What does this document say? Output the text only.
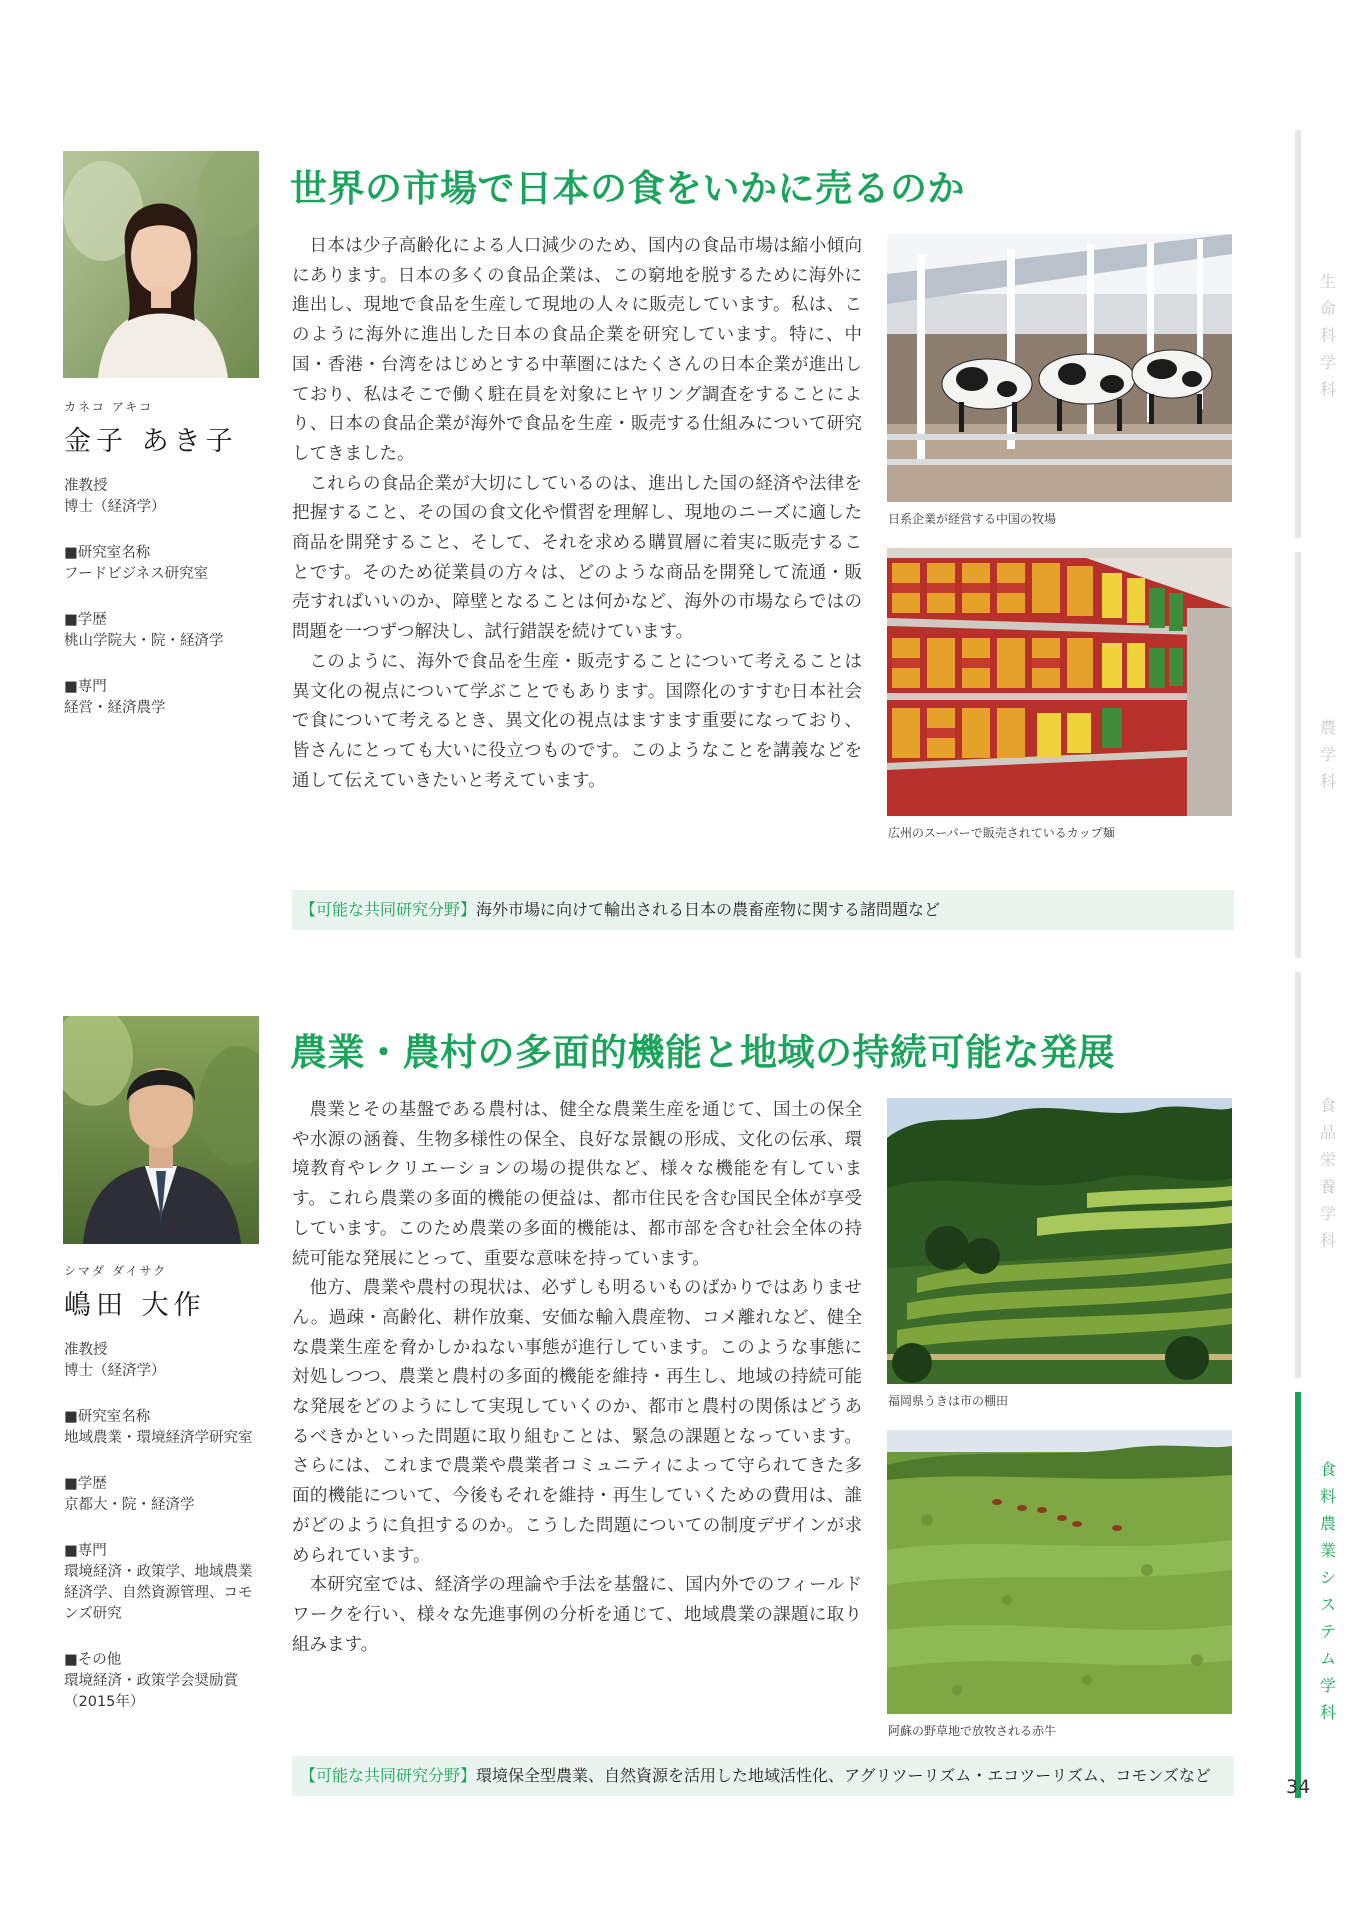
生命科学科
農学科
食品栄養学科
食料農業システム学科
カネコ アキコ
金子 あき子
准教授
博士（経済学）
■研究室名称
フードビジネス研究室
■学歴
桃山学院大・院・経済学
■専門
経営・経済農学
世界の市場で日本の食をいかに売るのか

日本は少子高齢化による人口減少のため、国内の食品市場は縮小傾向にあります。日本の多くの食品企業は、この窮地を脱するために海外に進出し、現地で食品を生産して現地の人々に販売しています。私は、このように海外に進出した日本の食品企業を研究しています。特に、中国・香港・台湾をはじめとする中華圏にはたくさんの日本企業が進出しており、私はそこで働く駐在員を対象にヒヤリング調査をすることにより、日本の食品企業が海外で食品を生産・販売する仕組みについて研究してきました。

これらの食品企業が大切にしているのは、進出した国の経済や法律を把握すること、その国の食文化や慣習を理解し、現地のニーズに適した商品を開発すること、そして、それを求める購買層に着実に販売することです。そのため従業員の方々は、どのような商品を開発して流通・販売すればいいのか、障壁となることは何かなど、海外の市場ならではの問題を一つずつ解決し、試行錯誤を続けています。

このように、海外で食品を生産・販売することについて考えることは異文化の視点について学ぶことでもあります。国際化のすすむ日本社会で食について考えるとき、異文化の視点はますます重要になっており、皆さんにとっても大いに役立つものです。このようなことを講義などを通して伝えていきたいと考えています。

日系企業が経営する中国の牧場
広州のスーパーで販売されているカップ麺
【可能な共同研究分野】海外市場に向けて輸出される日本の農畜産物に関する諸問題など
シマダ ダイサク
嶋田 大作
准教授
博士（経済学）
■研究室名称
地域農業・環境経済学研究室
■学歴
京都大・院・経済学
■専門
環境経済・政策学、地域農業経済学、自然資源管理、コモンズ研究
■その他
環境経済・政策学会奨励賞（2015年）
農業・農村の多面的機能と地域の持続可能な発展

農業とその基盤である農村は、健全な農業生産を通じて、国土の保全や水源の涵養、生物多様性の保全、良好な景観の形成、文化の伝承、環境教育やレクリエーションの場の提供など、様々な機能を有しています。これら農業の多面的機能の便益は、都市住民を含む国民全体が享受しています。このため農業の多面的機能は、都市部を含む社会全体の持続可能な発展にとって、重要な意味を持っています。

他方、農業や農村の現状は、必ずしも明るいものばかりではありません。過疎・高齢化、耕作放棄、安価な輸入農産物、コメ離れなど、健全な農業生産を脅かしかねない事態が進行しています。このような事態に対処しつつ、農業と農村の多面的機能を維持・再生し、地域の持続可能な発展をどのようにして実現していくのか、都市と農村の関係はどうあるべきかといった問題に取り組むことは、緊急の課題となっています。さらには、これまで農業や農業者コミュニティによって守られてきた多面的機能について、今後もそれを維持・再生していくための費用は、誰がどのように負担するのか。こうした問題についての制度デザインが求められています。

本研究室では、経済学の理論や手法を基盤に、国内外でのフィールドワークを行い、様々な先進事例の分析を通じて、地域農業の課題に取り組みます。

福岡県うきは市の棚田
阿蘇の野草地で放牧される赤牛
【可能な共同研究分野】環境保全型農業、自然資源を活用した地域活性化、アグリツーリズム・エコツーリズム、コモンズなど
34
